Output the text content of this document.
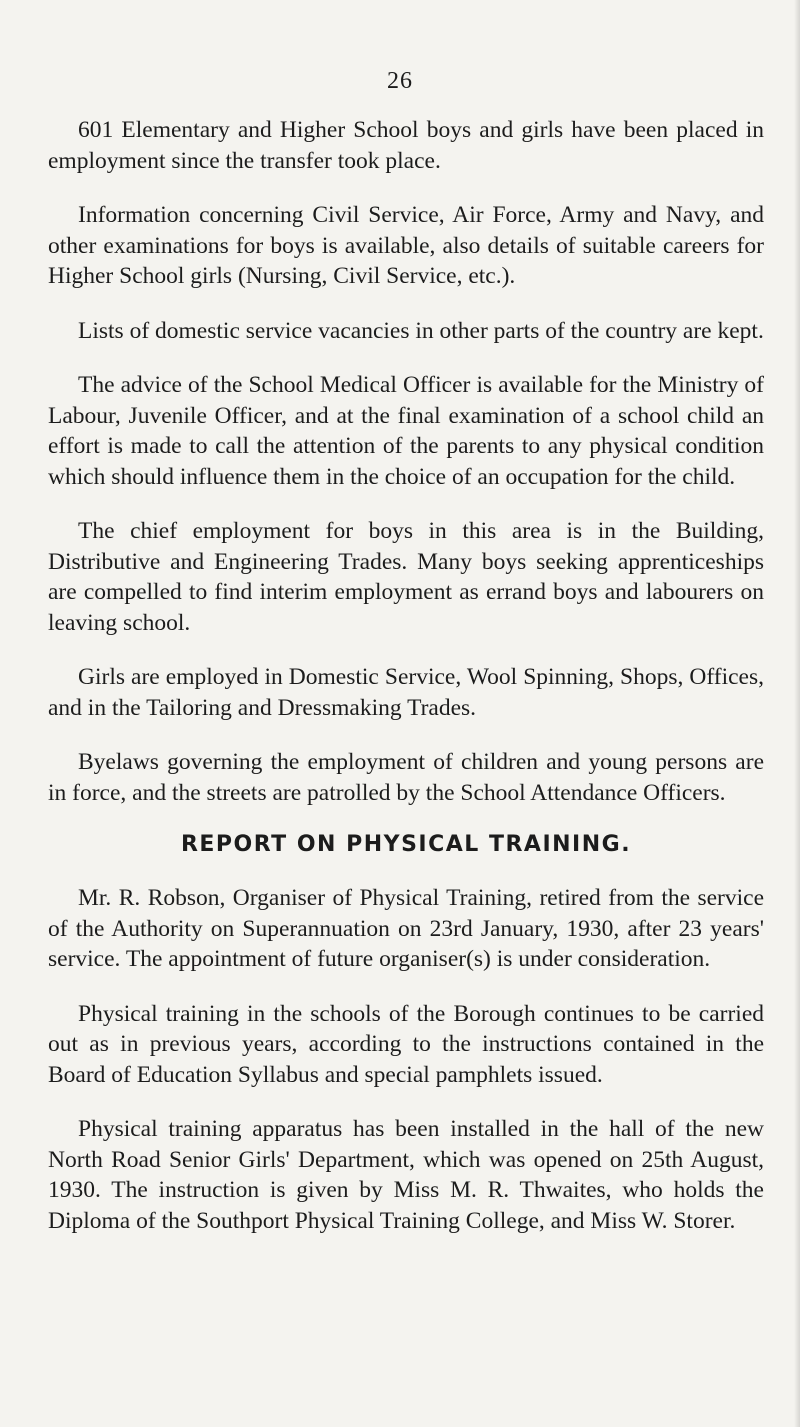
26

601 Elementary and Higher School boys and girls have been placed in employment since the transfer took place.

Information concerning Civil Service, Air Force, Army and Navy, and other examinations for boys is available, also details of suitable careers for Higher School girls (Nursing, Civil Service, etc.).

Lists of domestic service vacancies in other parts of the country are kept.

The advice of the School Medical Officer is available for the Ministry of Labour, Juvenile Officer, and at the final examination of a school child an effort is made to call the attention of the parents to any physical condition which should influence them in the choice of an occupation for the child.

The chief employment for boys in this area is in the Building, Distributive and Engineering Trades. Many boys seeking apprenticeships are compelled to find interim employment as errand boys and labourers on leaving school.

Girls are employed in Domestic Service, Wool Spinning, Shops, Offices, and in the Tailoring and Dressmaking Trades.

Byelaws governing the employment of children and young persons are in force, and the streets are patrolled by the School Attendance Officers.

REPORT ON PHYSICAL TRAINING.

Mr. R. Robson, Organiser of Physical Training, retired from the service of the Authority on Superannuation on 23rd January, 1930, after 23 years' service. The appointment of future organiser(s) is under consideration.

Physical training in the schools of the Borough continues to be carried out as in previous years, according to the instructions contained in the Board of Education Syllabus and special pamphlets issued.

Physical training apparatus has been installed in the hall of the new North Road Senior Girls' Department, which was opened on 25th August, 1930. The instruction is given by Miss M. R. Thwaites, who holds the Diploma of the Southport Physical Training College, and Miss W. Storer.
